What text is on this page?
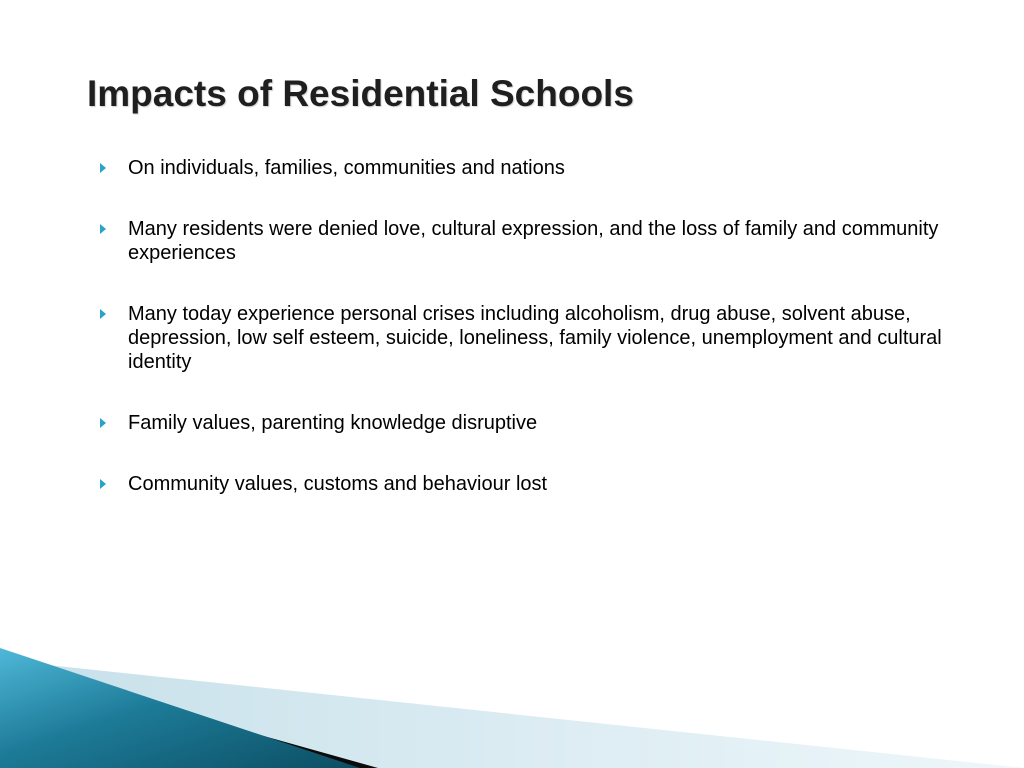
Impacts of Residential Schools
On individuals, families, communities and nations
Many residents were denied love, cultural expression, and the loss of family and community experiences
Many today experience personal crises including alcoholism, drug abuse, solvent abuse, depression, low self esteem, suicide, loneliness, family violence, unemployment and cultural identity
Family values, parenting knowledge disruptive
Community values, customs and behaviour lost
